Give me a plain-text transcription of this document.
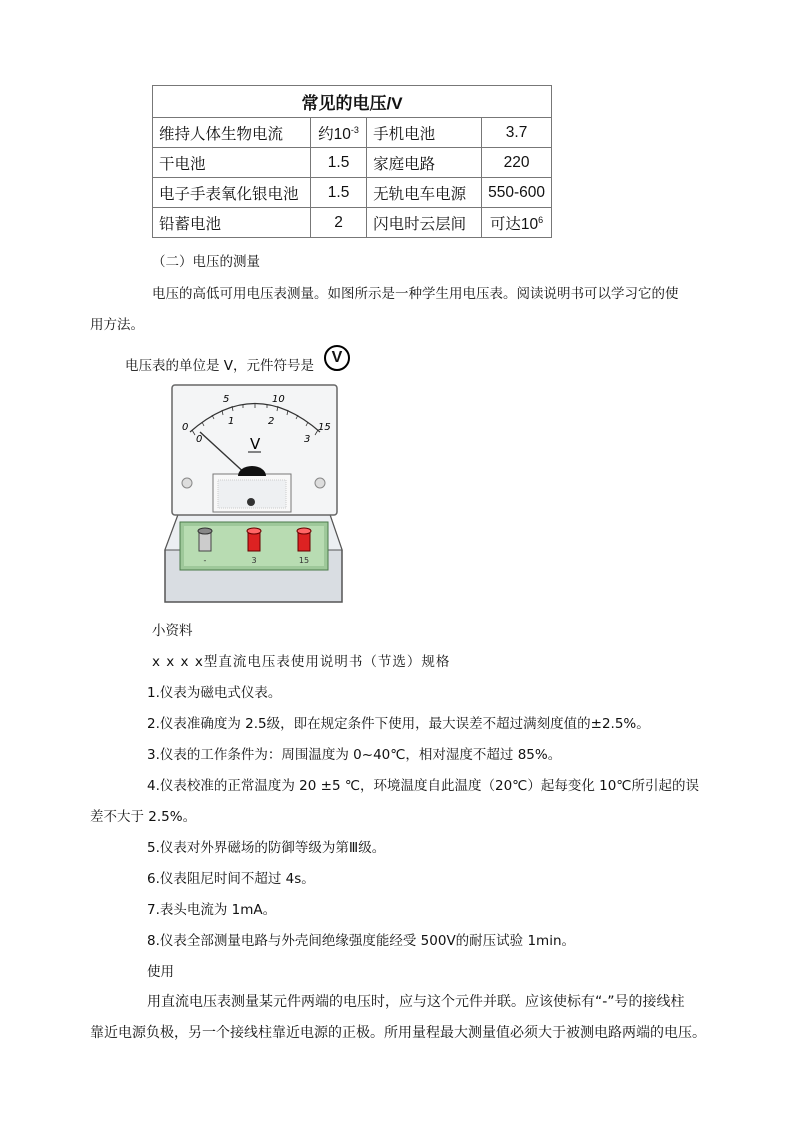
常见的电压/V			
维持人体生物电流	约$10^{-3}$	手机电池	3.7
干电池	1.5	家庭电路	220
电子手表氧化银电池	1.5	无轨电车电源	550-600
铅蓄电池	2	闪电时云层间	可达$10^6$
（二）电压的测量
电压的高低可用电压表测量。如图所示是一种学生用电压表。阅读说明书可以学习它的使
用方法。
电压表的单位是 V，元件符号是	V
-	3	15
0
5	10
15
0
1	2
3
V
小资料
x x x x型直流电压表使用说明书（节选）规格
1.仪表为磁电式仪表。
2.仪表准确度为 2.5级，即在规定条件下使用，最大误差不超过满刻度值的±2.5%。
3.仪表的工作条件为：周围温度为 0~40℃，相对湿度不超过 85%。
4.仪表校准的正常温度为 20 ±5 ℃，环境温度自此温度（20℃）起每变化 10℃所引起的误
差不大于 2.5%。
5.仪表对外界磁场的防御等级为第Ⅲ级。
6.仪表阻尼时间不超过 4s。
7.表头电流为 1mA。
8.仪表全部测量电路与外壳间绝缘强度能经受 500V的耐压试验 1min。
使用
用直流电压表测量某元件两端的电压时，应与这个元件并联。应该使标有“-”号的接线柱
靠近电源负极，另一个接线柱靠近电源的正极。所用量程最大测量值必须大于被测电路两端的电压。
